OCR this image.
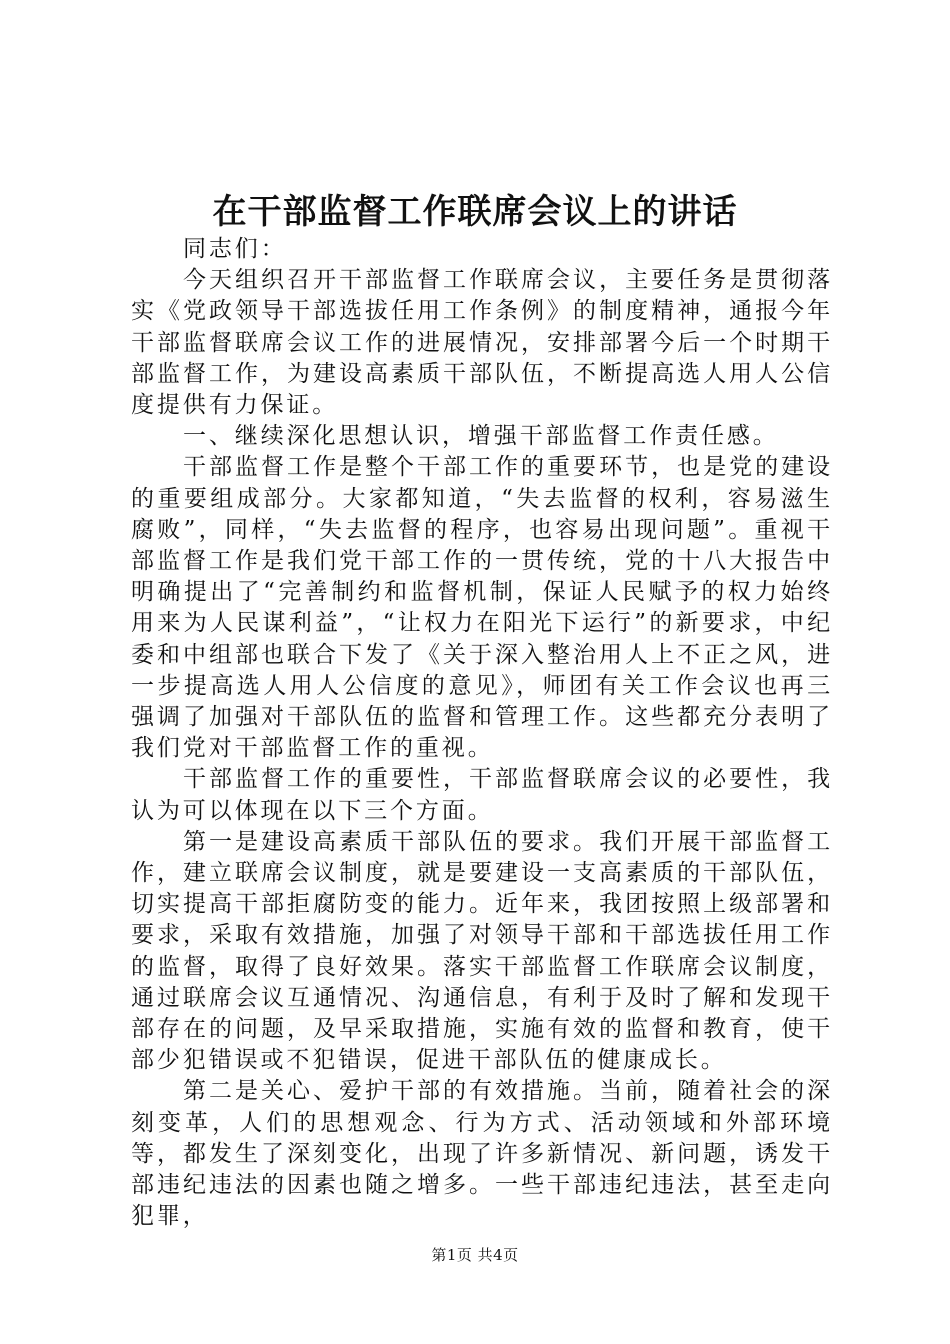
在干部监督工作联席会议上的讲话

同志们：

今天组织召开干部监督工作联席会议，主要任务是贯彻落实《党政领导干部选拔任用工作条例》的制度精神，通报今年干部监督联席会议工作的进展情况，安排部署今后一个时期干部监督工作，为建设高素质干部队伍，不断提高选人用人公信度提供有力保证。

一、继续深化思想认识，增强干部监督工作责任感。

干部监督工作是整个干部工作的重要环节，也是党的建设的重要组成部分。大家都知道，“失去监督的权利，容易滋生腐败”，同样，“失去监督的程序，也容易出现问题”。重视干部监督工作是我们党干部工作的一贯传统，党的十八大报告中明确提出了“完善制约和监督机制，保证人民赋予的权力始终用来为人民谋利益”，“让权力在阳光下运行”的新要求，中纪委和中组部也联合下发了《关于深入整治用人上不正之风，进一步提高选人用人公信度的意见》，师团有关工作会议也再三强调了加强对干部队伍的监督和管理工作。这些都充分表明了我们党对干部监督工作的重视。

干部监督工作的重要性，干部监督联席会议的必要性，我认为可以体现在以下三个方面。

第一是建设高素质干部队伍的要求。我们开展干部监督工作，建立联席会议制度，就是要建设一支高素质的干部队伍，切实提高干部拒腐防变的能力。近年来，我团按照上级部署和要求，采取有效措施，加强了对领导干部和干部选拔任用工作的监督，取得了良好效果。落实干部监督工作联席会议制度，通过联席会议互通情况、沟通信息，有利于及时了解和发现干部存在的问题，及早采取措施，实施有效的监督和教育，使干部少犯错误或不犯错误，促进干部队伍的健康成长。

第二是关心、爱护干部的有效措施。当前，随着社会的深刻变革，人们的思想观念、行为方式、活动领域和外部环境等，都发生了深刻变化，出现了许多新情况、新问题，诱发干部违纪违法的因素也随之增多。一些干部违纪违法，甚至走向犯罪，

第1页 共4页
